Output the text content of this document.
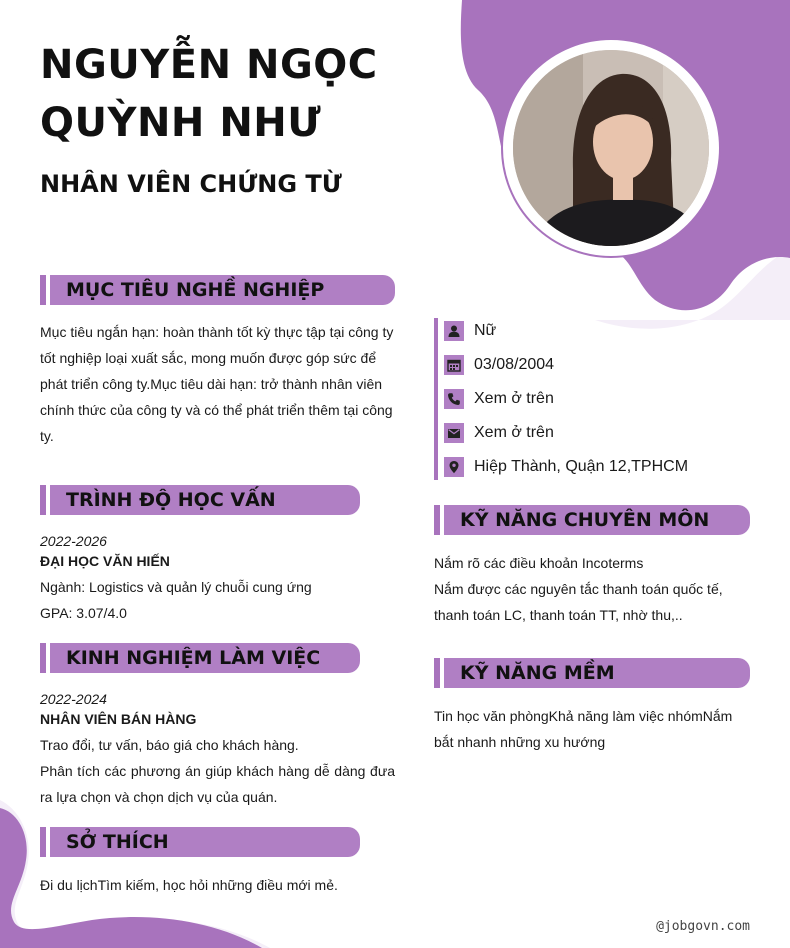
NGUYỄN NGỌC
QUỲNH NHƯ
NHÂN VIÊN CHỨNG TỪ
MỤC TIÊU NGHỀ NGHIỆP
Mục tiêu ngắn hạn: hoàn thành tốt kỳ thực tập tại công ty
tốt nghiệp loại xuất sắc, mong muốn được góp sức để
phát triển công ty.Mục tiêu dài hạn: trở thành nhân viên
chính thức của công ty và có thể phát triển thêm tại công
ty.
TRÌNH ĐỘ HỌC VẤN
2022-2026
ĐẠI HỌC VĂN HIẾN
Ngành: Logistics và quản lý chuỗi cung ứng
GPA: 3.07/4.0
KINH NGHIỆM LÀM VIỆC
2022-2024
NHÂN VIÊN BÁN HÀNG
Trao đổi, tư vấn, báo giá cho khách hàng.
Phân tích các phương án giúp khách hàng dễ dàng đưa
ra lựa chọn và chọn dịch vụ của quán.
SỞ THÍCH
Đi du lịchTìm kiếm, học hỏi những điều mới mẻ.
Nữ
03/08/2004
Xem ở trên
Xem ở trên
Hiệp Thành, Quận 12,TPHCM
KỸ NĂNG CHUYÊN MÔN
Nắm rõ các điều khoản Incoterms
Nắm được các nguyên tắc thanh toán quốc tế,
thanh toán LC, thanh toán TT, nhờ thu,..
KỸ NĂNG MỀM
Tin học văn phòngKhả năng làm việc nhómNắm
bắt nhanh những xu hướng
@jobgovn.com
